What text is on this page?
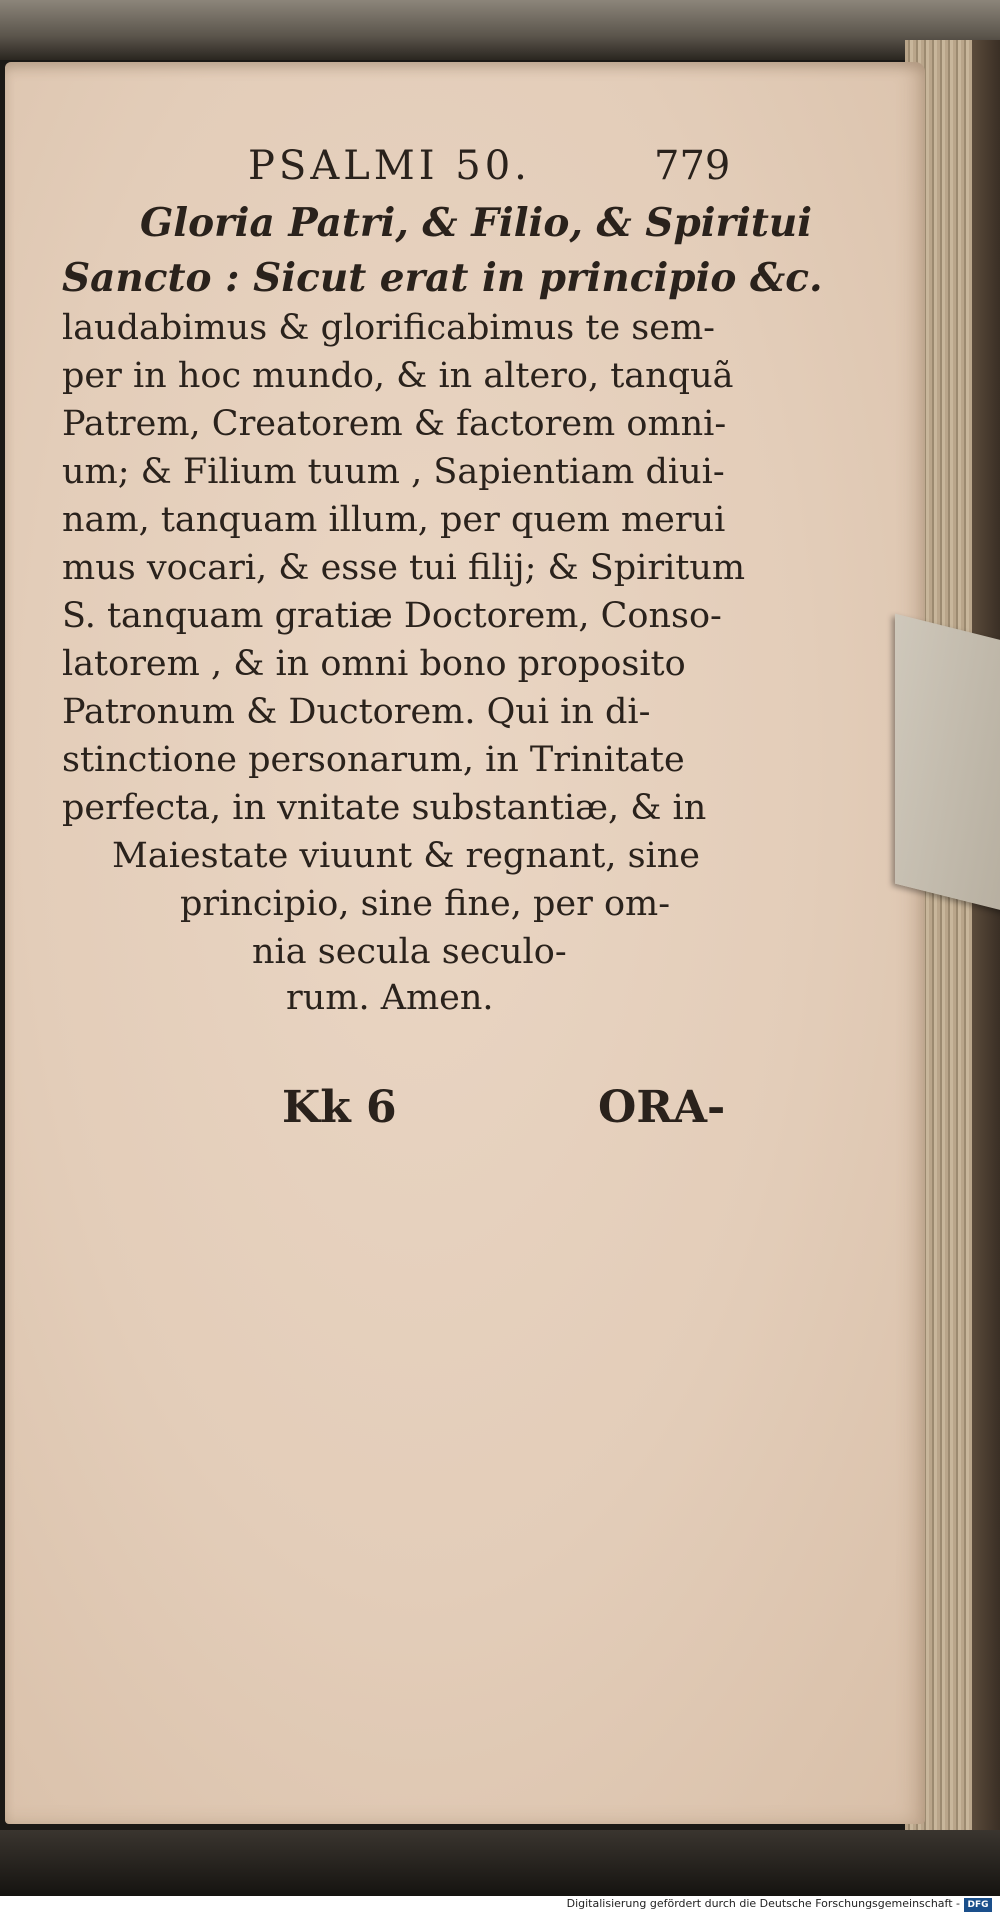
PSALMI 50.	779
Gloria Patri, & Filio, & Spiritui
Sancto : Sicut erat in principio &c.
laudabimus & glorificabimus te sem-
per in hoc mundo, & in altero, tanquã
Patrem, Creatorem & factorem omni-
um; & Filium tuum , Sapientiam diui-
nam, tanquam illum, per quem merui
mus vocari, & esse tui filij; & Spiritum
S. tanquam gratiæ Doctorem, Conso-
latorem , & in omni bono proposito
Patronum & Ductorem. Qui in di-
stinctione personarum, in Trinitate
perfecta, in vnitate substantiæ, & in
Maiestate viuunt & regnant, sine
principio, sine fine, per om-
nia secula seculo-
rum. Amen.
Kk 6	ORA-
Digitalisierung gefördert durch die Deutsche Forschungsgemeinschaft - DFG
